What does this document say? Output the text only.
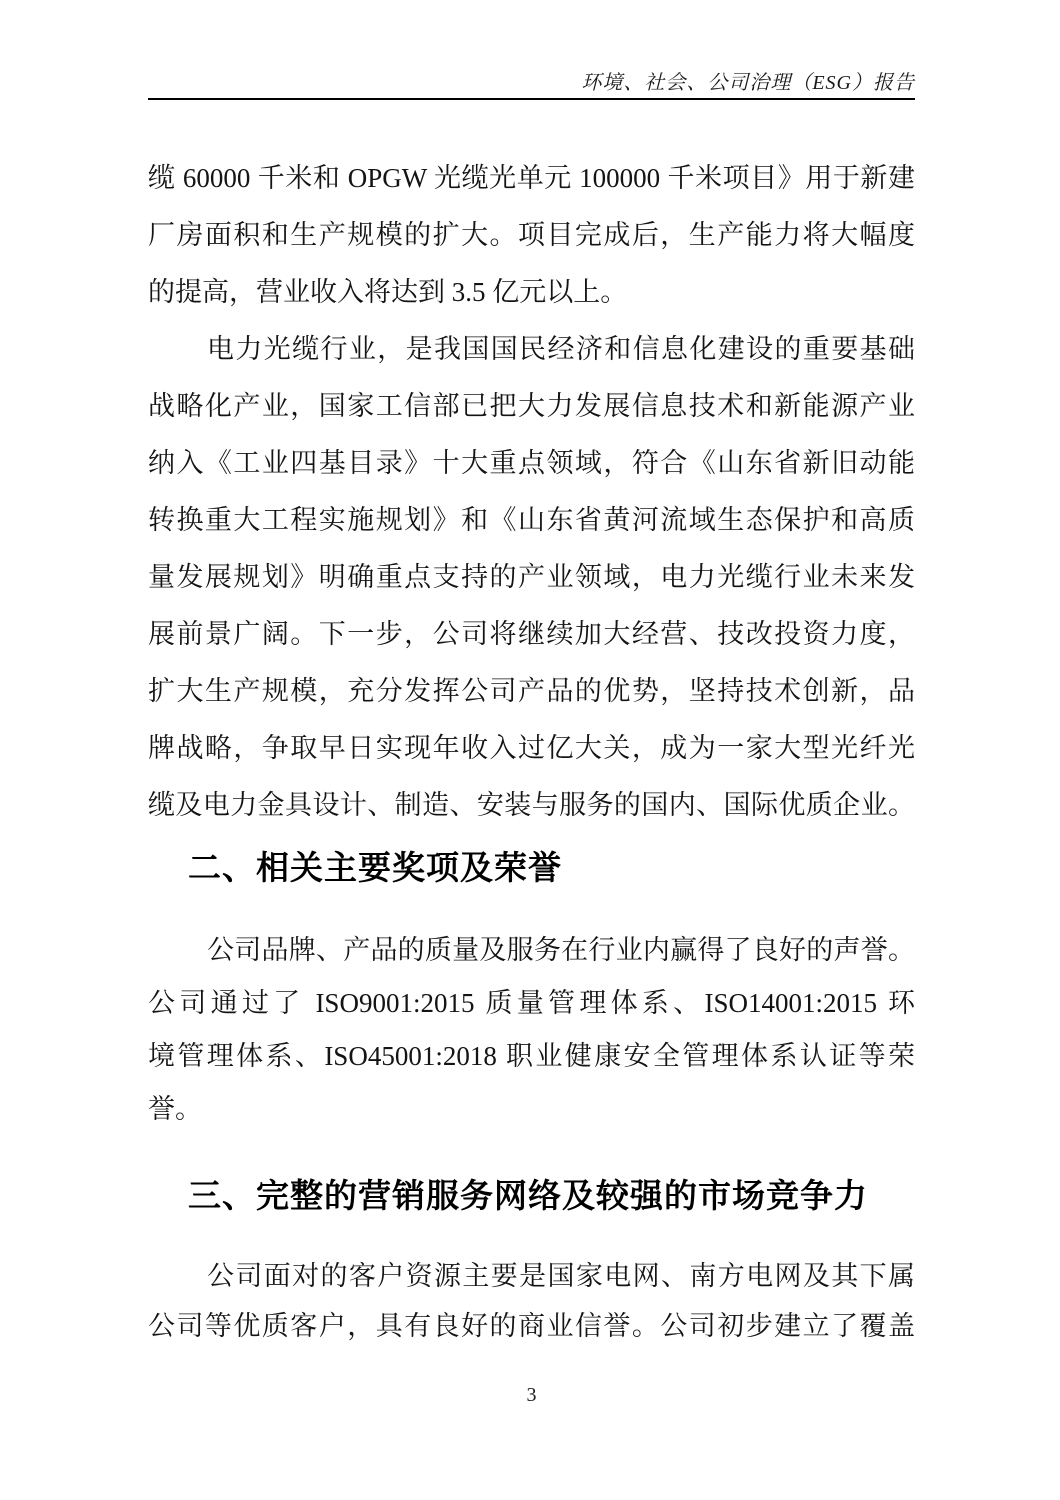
环境、社会、公司治理（ESG）报告
缆 60000 千米和 OPGW 光缆光单元 100000 千米项目》用于新建
厂房面积和生产规模的扩大。项目完成后，生产能力将大幅度
的提高，营业收入将达到 3.5 亿元以上。
电力光缆行业，是我国国民经济和信息化建设的重要基础
战略化产业，国家工信部已把大力发展信息技术和新能源产业
纳入《工业四基目录》十大重点领域，符合《山东省新旧动能
转换重大工程实施规划》和《山东省黄河流域生态保护和高质
量发展规划》明确重点支持的产业领域，电力光缆行业未来发
展前景广阔。下一步，公司将继续加大经营、技改投资力度，
扩大生产规模，充分发挥公司产品的优势，坚持技术创新，品
牌战略，争取早日实现年收入过亿大关，成为一家大型光纤光
缆及电力金具设计、制造、安装与服务的国内、国际优质企业。
二、相关主要奖项及荣誉
公司品牌、产品的质量及服务在行业内赢得了良好的声誉。
公司通过了 ISO9001:2015 质量管理体系、ISO14001:2015 环
境管理体系、ISO45001:2018 职业健康安全管理体系认证等荣
誉。
三、完整的营销服务网络及较强的市场竞争力
公司面对的客户资源主要是国家电网、南方电网及其下属
公司等优质客户，具有良好的商业信誉。公司初步建立了覆盖
3
